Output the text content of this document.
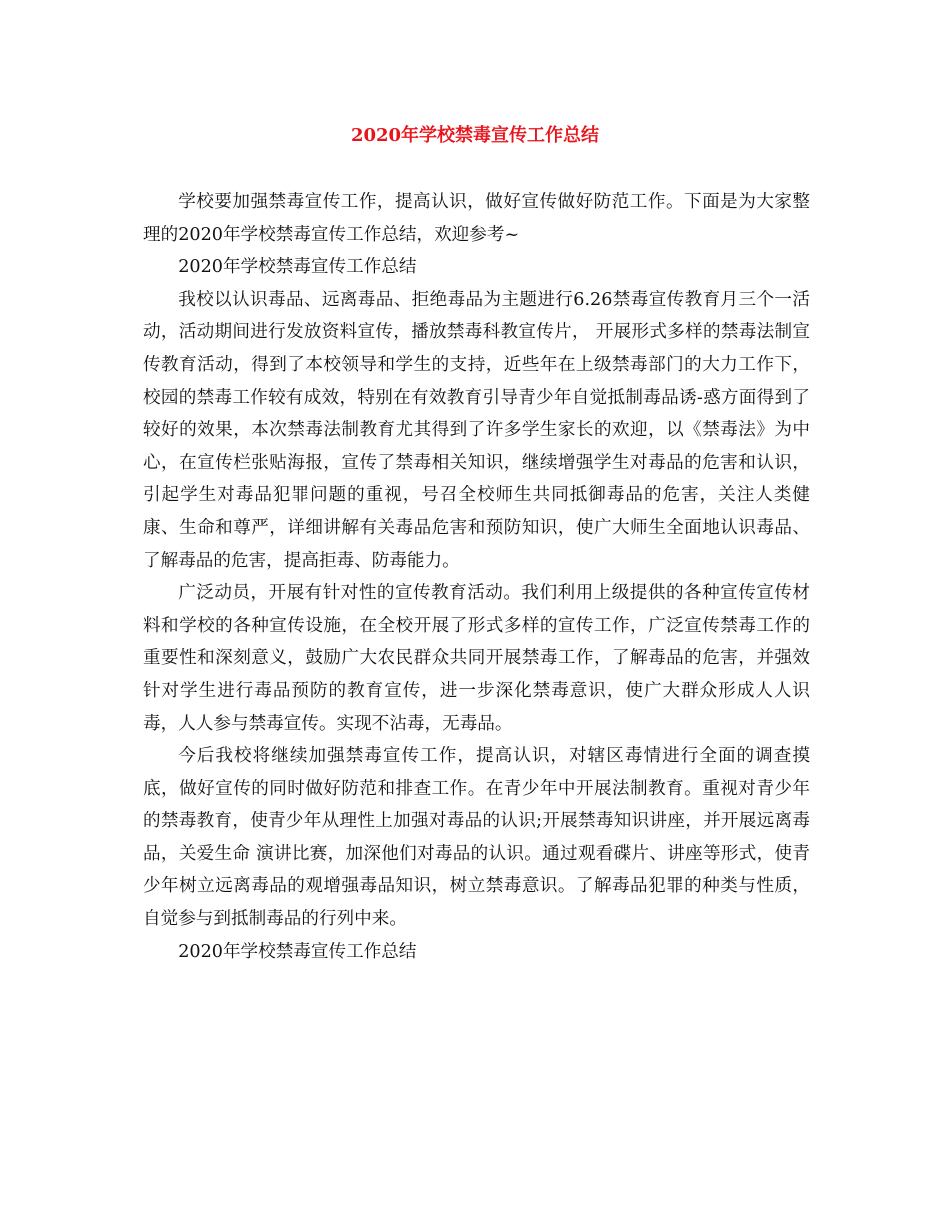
2020年学校禁毒宣传工作总结

学校要加强禁毒宣传工作，提高认识，做好宣传做好防范工作。下面是为大家整理的2020年学校禁毒宣传工作总结，欢迎参考~

2020年学校禁毒宣传工作总结

我校以认识毒品、远离毒品、拒绝毒品为主题进行6.26禁毒宣传教育月三个一活动，活动期间进行发放资料宣传，播放禁毒科教宣传片， 开展形式多样的禁毒法制宣传教育活动，得到了本校领导和学生的支持，近些年在上级禁毒部门的大力工作下，校园的禁毒工作较有成效，特别在有效教育引导青少年自觉抵制毒品诱-惑方面得到了较好的效果，本次禁毒法制教育尤其得到了许多学生家长的欢迎，以《禁毒法》为中心，在宣传栏张贴海报，宣传了禁毒相关知识，继续增强学生对毒品的危害和认识，引起学生对毒品犯罪问题的重视，号召全校师生共同抵御毒品的危害，关注人类健康、生命和尊严，详细讲解有关毒品危害和预防知识，使广大师生全面地认识毒品、了解毒品的危害，提高拒毒、防毒能力。

广泛动员，开展有针对性的宣传教育活动。我们利用上级提供的各种宣传宣传材料和学校的各种宣传设施，在全校开展了形式多样的宣传工作，广泛宣传禁毒工作的重要性和深刻意义，鼓励广大农民群众共同开展禁毒工作，了解毒品的危害，并强效针对学生进行毒品预防的教育宣传，进一步深化禁毒意识，使广大群众形成人人识毒，人人参与禁毒宣传。实现不沾毒，无毒品。

今后我校将继续加强禁毒宣传工作，提高认识，对辖区毒情进行全面的调查摸底，做好宣传的同时做好防范和排查工作。在青少年中开展法制教育。重视对青少年的禁毒教育，使青少年从理性上加强对毒品的认识;开展禁毒知识讲座，并开展远离毒品，关爱生命 演讲比赛，加深他们对毒品的认识。通过观看碟片、讲座等形式，使青少年树立远离毒品的观增强毒品知识，树立禁毒意识。了解毒品犯罪的种类与性质，自觉参与到抵制毒品的行列中来。

2020年学校禁毒宣传工作总结
